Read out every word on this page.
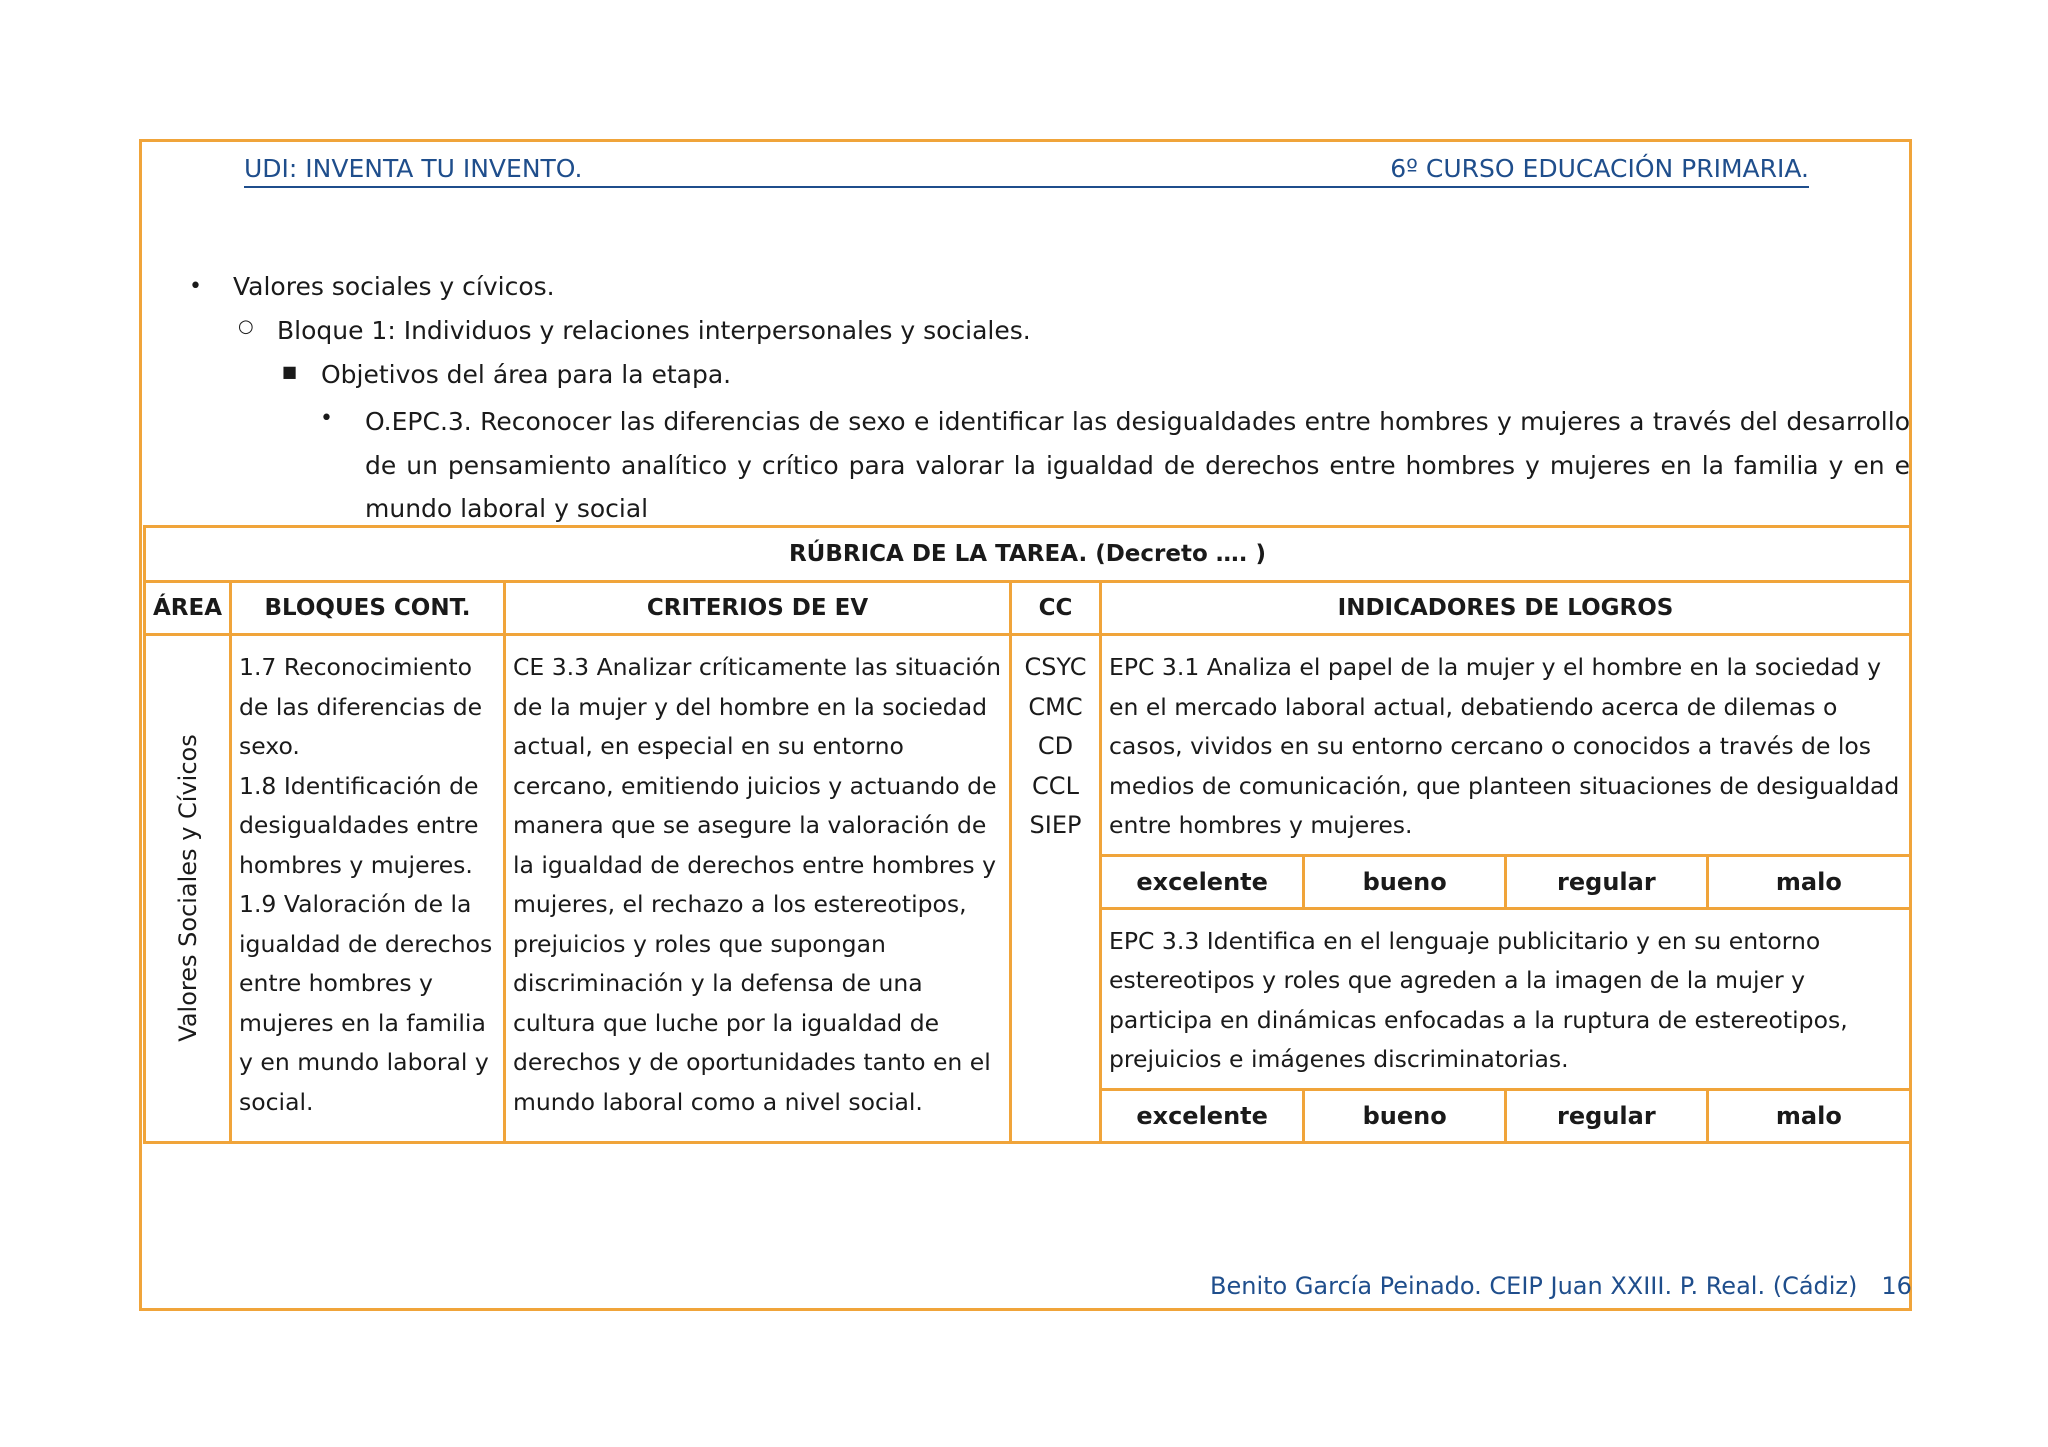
UDI: INVENTA TU INVENTO.	6º CURSO EDUCACIÓN PRIMARIA.
• Valores sociales y cívicos.
○ Bloque 1: Individuos y relaciones interpersonales y sociales.
■ Objetivos del área para la etapa.
• O.EPC.3. Reconocer las diferencias de sexo e identificar las desigualdades entre hombres y mujeres a través del desarrollo de un pensamiento analítico y crítico para valorar la igualdad de derechos entre hombres y mujeres en la familia y en e mundo laboral y social
RÚBRICA DE LA TAREA. (Decreto …. )
ÁREA	BLOQUES CONT.	CRITERIOS DE EV	CC	INDICADORES DE LOGROS

Valores Sociales y Cívicos

1.7 Reconocimiento de las diferencias de sexo.
1.8 Identificación de desigualdades entre hombres y mujeres.
1.9 Valoración de la igualdad de derechos entre hombres y mujeres en la familia y en mundo laboral y social.

CE 3.3 Analizar críticamente las situación de la mujer y del hombre en la sociedad actual, en especial en su entorno cercano, emitiendo juicios y actuando de manera que se asegure la valoración de la igualdad de derechos entre hombres y mujeres, el rechazo a los estereotipos, prejuicios y roles que supongan discriminación y la defensa de una cultura que luche por la igualdad de derechos y de oportunidades tanto en el mundo laboral como a nivel social.

CSYC
CMC
CD
CCL
SIEP

EPC 3.1 Analiza el papel de la mujer y el hombre en la sociedad y en el mercado laboral actual, debatiendo acerca de dilemas o casos, vividos en su entorno cercano o conocidos a través de los medios de comunicación, que planteen situaciones de desigualdad entre hombres y mujeres.

excelente	bueno	regular	malo

EPC 3.3 Identifica en el lenguaje publicitario y en su entorno estereotipos y roles que agreden a la imagen de la mujer y participa en dinámicas enfocadas a la ruptura de estereotipos, prejuicios e imágenes discriminatorias.

excelente	bueno	regular	malo
Benito García Peinado. CEIP Juan XXIII. P. Real. (Cádiz) 16
